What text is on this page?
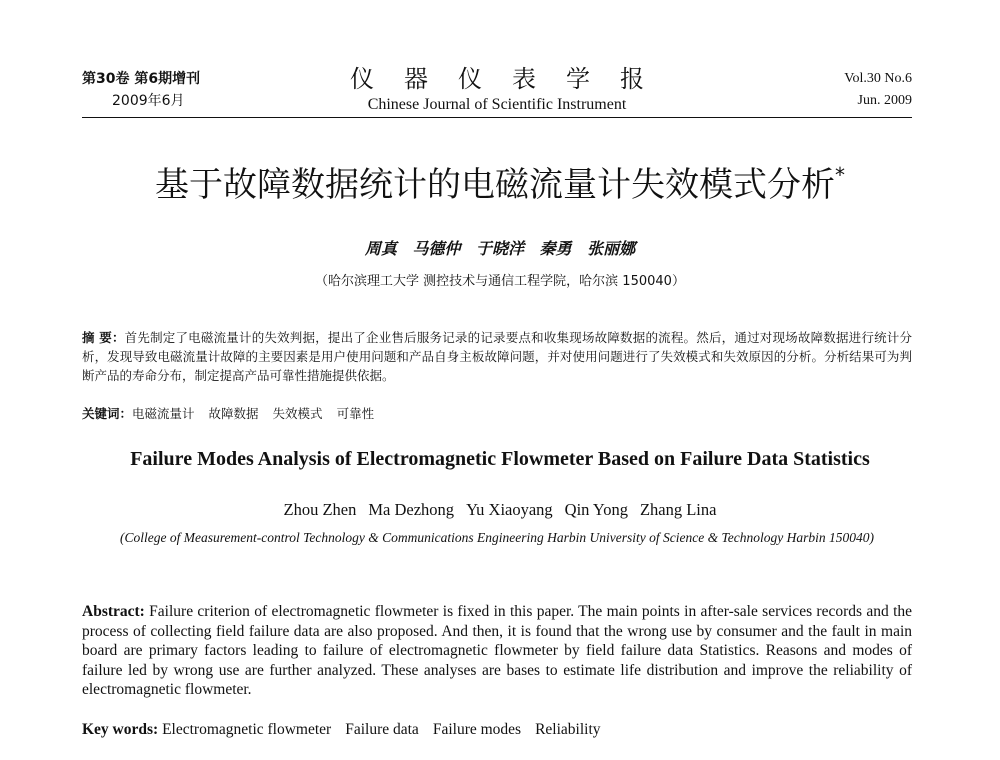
第30卷 第6期增刊
2009年6月
仪器仪表学报
Chinese Journal of Scientific Instrument
Vol.30 No.6
Jun. 2009
基于故障数据统计的电磁流量计失效模式分析*
周真 马德仲 于晓洋 秦勇 张丽娜
（哈尔滨理工大学 测控技术与通信工程学院，哈尔滨 150040）
摘 要：首先制定了电磁流量计的失效判据，提出了企业售后服务记录的记录要点和收集现场故障数据的流程。然后，通过对现场故障数据进行统计分析，发现导致电磁流量计故障的主要因素是用户使用问题和产品自身主板故障问题，并对使用问题进行了失效模式和失效原因的分析。分析结果可为判断产品的寿命分布，制定提高产品可靠性措施提供依据。
关键词：电磁流量计 故障数据 失效模式 可靠性
Failure Modes Analysis of Electromagnetic Flowmeter Based on Failure Data Statistics
Zhou Zhen Ma Dezhong Yu Xiaoyang Qin Yong Zhang Lina
(College of Measurement-control Technology & Communications Engineering Harbin University of Science & Technology Harbin 150040)
Abstract: Failure criterion of electromagnetic flowmeter is fixed in this paper. The main points in after-sale services records and the process of collecting field failure data are also proposed. And then, it is found that the wrong use by consumer and the fault in main board are primary factors leading to failure of electromagnetic flowmeter by field failure data Statistics. Reasons and modes of failure led by wrong use are further analyzed. These analyses are bases to estimate life distribution and improve the reliability of electromagnetic flowmeter.
Key words: Electromagnetic flowmeter Failure data Failure modes Reliability
